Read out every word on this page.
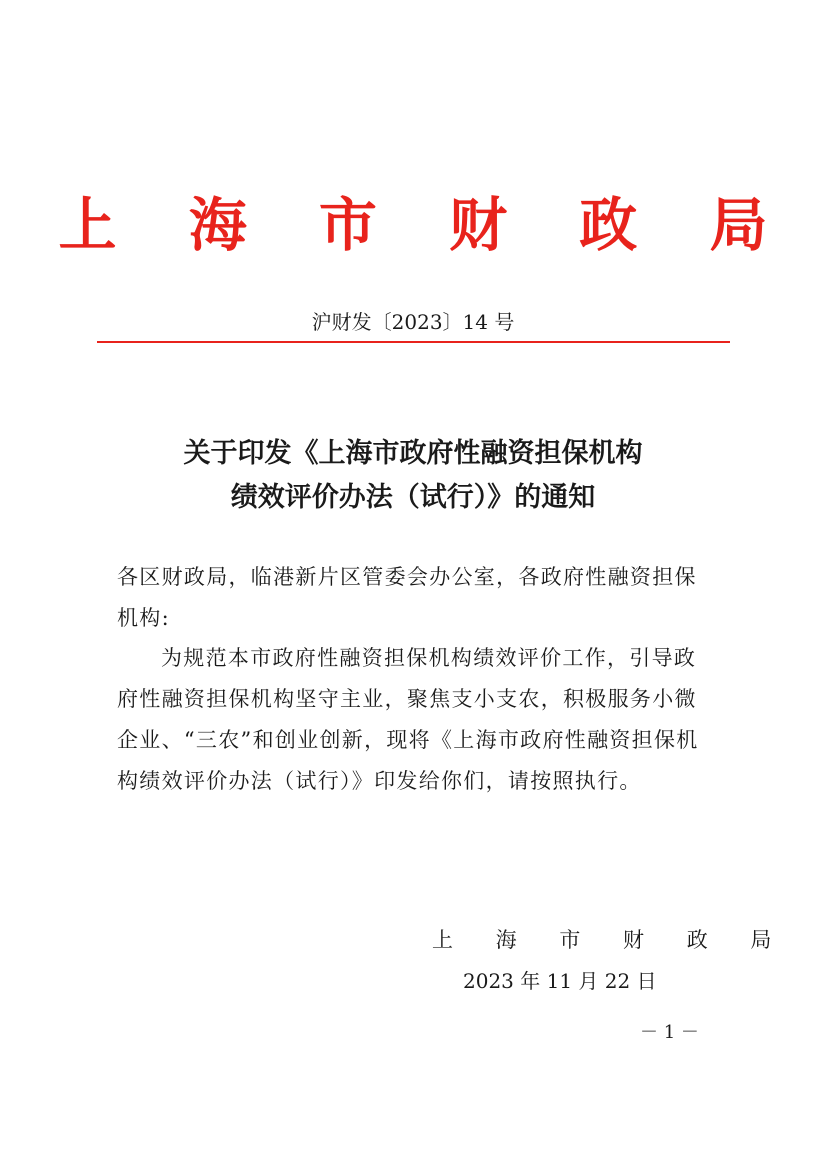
上 海 市 财 政 局
沪财发〔2023〕14 号
关于印发《上海市政府性融资担保机构
绩效评价办法（试行）》的通知
各区财政局，临港新片区管委会办公室，各政府性融资担保
机构:
为规范本市政府性融资担保机构绩效评价工作，引导政
府性融资担保机构坚守主业，聚焦支小支农，积极服务小微
企业、“三农”和创业创新，现将《上海市政府性融资担保机
构绩效评价办法（试行）》印发给你们，请按照执行。
上 海 市 财 政 局
2023 年 11 月 22 日
－ 1 －
